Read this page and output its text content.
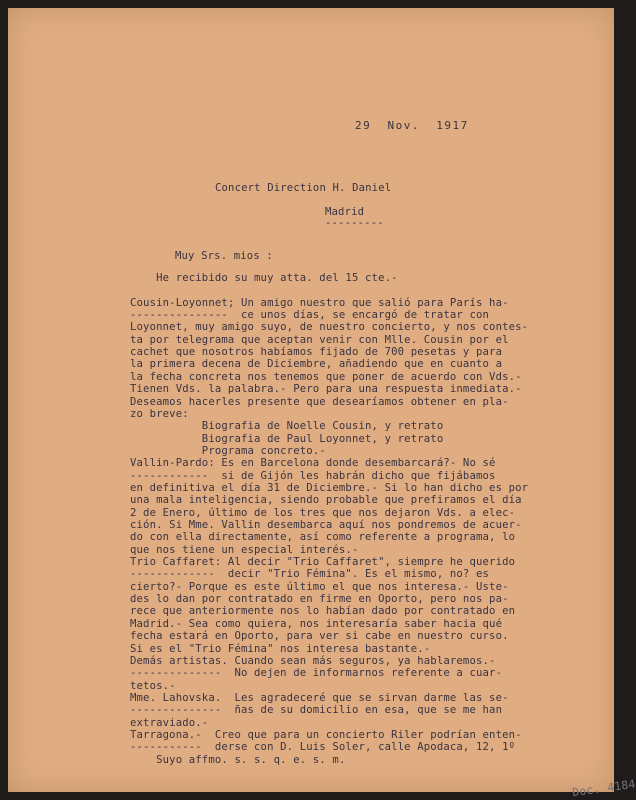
29  Nov.  1917
Concert Direction H. Daniel
Madrid
---------
Muy Srs. mios :
He recibido su muy atta. del 15 cte.-
Cousin-Loyonnet; Un amigo nuestro que salió para París ha-
---------------  ce unos días, se encargó de tratar con
Loyonnet, muy amigo suyo, de nuestro concierto, y nos contes-
ta por telegrama que aceptan venir con Mlle. Cousin por el
cachet que nosotros habíamos fijado de 700 pesetas y para
la primera decena de Diciembre, añadiendo que en cuanto a
la fecha concreta nos tenemos que poner de acuerdo con Vds.-
Tienen Vds. la palabra.- Pero para una respuesta inmediata.-
Deseamos hacerles presente que desearíamos obtener en pla-
zo breve:
Biografia de Noelle Cousin, y retrato
Biografia de Paul Loyonnet, y retrato
Programa concreto.-
Vallin-Pardo: Es en Barcelona donde desembarcará?- No sé
------------  si de Gijón les habrán dicho que fijábamos
en definitiva el día 31 de Diciembre.- Si lo han dicho es por
una mala inteligencia, siendo probable que prefiramos el día
2 de Enero, último de los tres que nos dejaron Vds. a elec-
ción. Si Mme. Vallin desembarca aquí nos pondremos de acuer-
do con ella directamente, así como referente a programa, lo
que nos tiene un especial interés.-
Trio Caffaret: Al decir "Trio Caffaret", siempre he querido
-------------  decir "Trio Fémina". Es el mismo, no? es
cierto?- Porque es este último el que nos interesa.- Uste-
des lo dan por contratado en firme en Oporto, pero nos pa-
rece que anteriormente nos lo habían dado por contratado en
Madrid.- Sea como quiera, nos interesaría saber hacia qué
fecha estará en Oporto, para ver si cabe en nuestro curso.
Si es el "Trio Fémina" nos interesa bastante.-
Demás artistas. Cuando sean más seguros, ya hablaremos.-
--------------  No dejen de informarnos referente a cuar-
tetos.-
Mme. Lahovska.  Les agradeceré que se sirvan darme las se-
--------------  ñas de su domicilio en esa, que se me han
extraviado.-
Tarragona.-  Creo que para un concierto Riler podrían enten-
-----------  derse con D. Luis Soler, calle Apodaca, 12, 1º
Suyo affmo. s. s. q. e. s. m.
Doc. 4184
